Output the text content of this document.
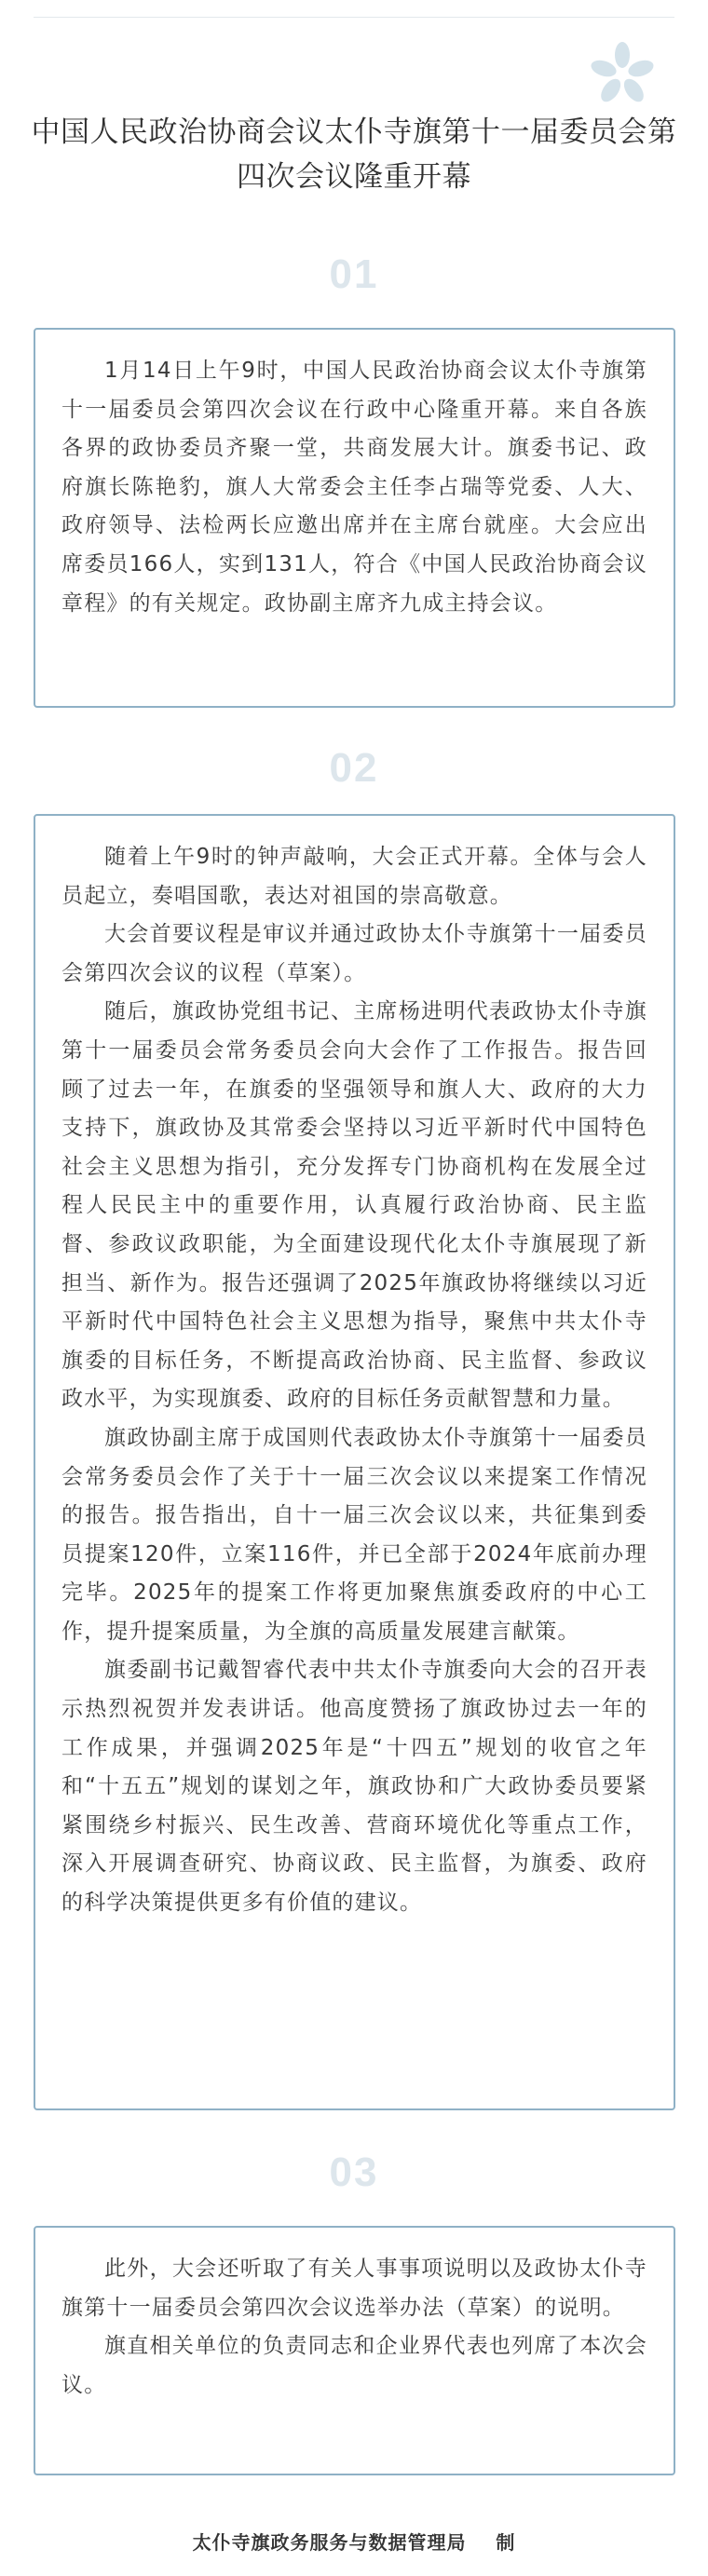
中国人民政治协商会议太仆寺旗第十一届委员会第四次会议隆重开幕
01

1月14日上午9时，中国人民政治协商会议太仆寺旗第十一届委员会第四次会议在行政中心隆重开幕。来自各族各界的政协委员齐聚一堂，共商发展大计。旗委书记、政府旗长陈艳豹，旗人大常委会主任李占瑞等党委、人大、政府领导、法检两长应邀出席并在主席台就座。大会应出席委员166人，实到131人，符合《中国人民政治协商会议章程》的有关规定。政协副主席齐九成主持会议。

02

随着上午9时的钟声敲响，大会正式开幕。全体与会人员起立，奏唱国歌，表达对祖国的崇高敬意。

大会首要议程是审议并通过政协太仆寺旗第十一届委员会第四次会议的议程（草案）。

随后，旗政协党组书记、主席杨进明代表政协太仆寺旗第十一届委员会常务委员会向大会作了工作报告。报告回顾了过去一年，在旗委的坚强领导和旗人大、政府的大力支持下，旗政协及其常委会坚持以习近平新时代中国特色社会主义思想为指引，充分发挥专门协商机构在发展全过程人民民主中的重要作用，认真履行政治协商、民主监督、参政议政职能，为全面建设现代化太仆寺旗展现了新担当、新作为。报告还强调了2025年旗政协将继续以习近平新时代中国特色社会主义思想为指导，聚焦中共太仆寺旗委的目标任务，不断提高政治协商、民主监督、参政议政水平，为实现旗委、政府的目标任务贡献智慧和力量。

旗政协副主席于成国则代表政协太仆寺旗第十一届委员会常务委员会作了关于十一届三次会议以来提案工作情况的报告。报告指出，自十一届三次会议以来，共征集到委员提案120件，立案116件，并已全部于2024年底前办理完毕。2025年的提案工作将更加聚焦旗委政府的中心工作，提升提案质量，为全旗的高质量发展建言献策。

旗委副书记戴智睿代表中共太仆寺旗委向大会的召开表示热烈祝贺并发表讲话。他高度赞扬了旗政协过去一年的工作成果，并强调2025年是“十四五”规划的收官之年和“十五五”规划的谋划之年，旗政协和广大政协委员要紧紧围绕乡村振兴、民生改善、营商环境优化等重点工作，深入开展调查研究、协商议政、民主监督，为旗委、政府的科学决策提供更多有价值的建议。

03

此外，大会还听取了有关人事事项说明以及政协太仆寺旗第十一届委员会第四次会议选举办法（草案）的说明。

旗直相关单位的负责同志和企业界代表也列席了本次会议。

太仆寺旗政务服务与数据管理局    制
